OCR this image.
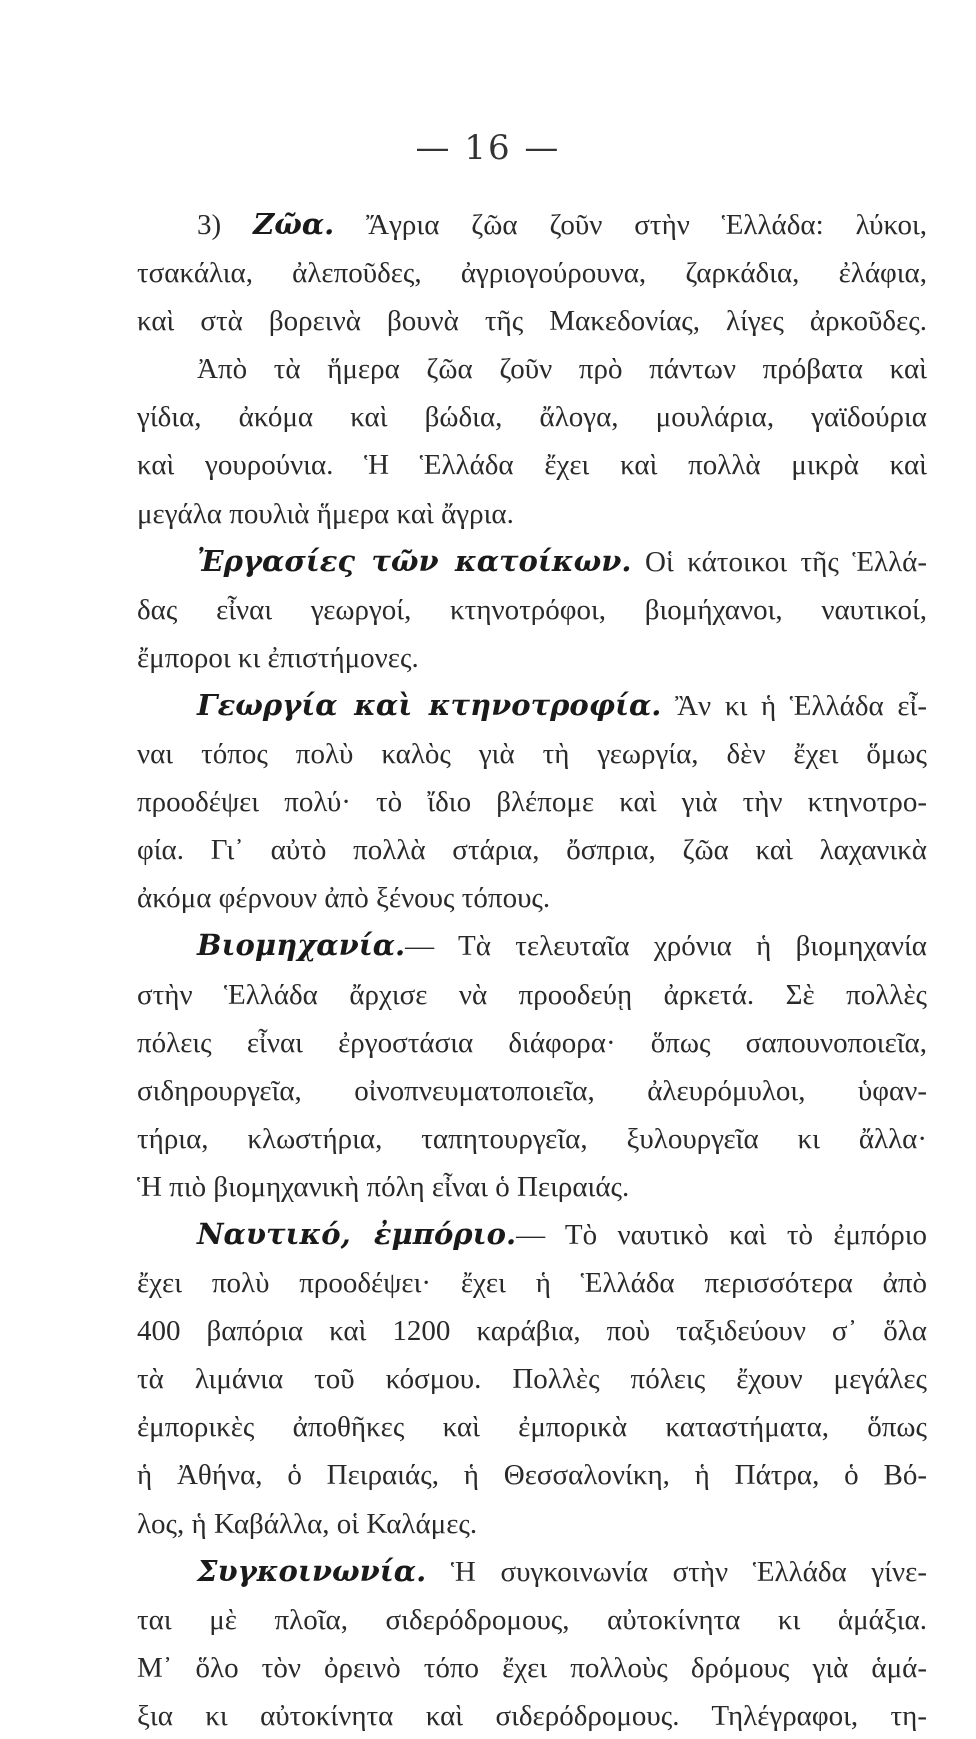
— 16 —
3) Ζῶα. Ἄγρια ζῶα ζοῦν στὴν Ἑλλάδα: λύκοι,
τσακάλια, ἀλεποῦδες, ἀγριογούρουνα, ζαρκάδια, ἐλάφια,
καὶ στὰ βορεινὰ βουνὰ τῆς Μακεδονίας, λίγες ἀρκοῦδες.
Ἀπὸ τὰ ἥμερα ζῶα ζοῦν πρὸ πάντων πρόβατα καὶ
γίδια, ἀκόμα καὶ βώδια, ἄλογα, μουλάρια, γαϊδούρια
καὶ γουρούνια. Ἡ Ἑλλάδα ἔχει καὶ πολλὰ μικρὰ καὶ
μεγάλα πουλιὰ ἥμερα καὶ ἄγρια.
Ἐργασίες τῶν κατοίκων. Οἱ κάτοικοι τῆς Ἑλλά-
δας εἶναι γεωργοί, κτηνοτρόφοι, βιομήχανοι, ναυτικοί,
ἔμποροι κι ἐπιστήμονες.
Γεωργία καὶ κτηνοτροφία. Ἂν κι ἡ Ἑλλάδα εἶ-
ναι τόπος πολὺ καλὸς γιὰ τὴ γεωργία, δὲν ἔχει ὅμως
προοδέψει πολύ· τὸ ἴδιο βλέπομε καὶ γιὰ τὴν κτηνοτρο-
φία. Γι᾿ αὐτὸ πολλὰ στάρια, ὄσπρια, ζῶα καὶ λαχανικὰ
ἀκόμα φέρνουν ἀπὸ ξένους τόπους.
Βιομηχανία.— Τὰ τελευταῖα χρόνια ἡ βιομηχανία
στὴν Ἑλλάδα ἄρχισε νὰ προοδεύῃ ἀρκετά. Σὲ πολλὲς
πόλεις εἶναι ἐργοστάσια διάφορα· ὅπως σαπουνοποιεῖα,
σιδηρουργεῖα, οἰνοπνευματοποιεῖα, ἀλευρόμυλοι, ὑφαν-
τήρια, κλωστήρια, ταπητουργεῖα, ξυλουργεῖα κι ἄλλα·
Ἡ πιὸ βιομηχανικὴ πόλη εἶναι ὁ Πειραιάς.
Ναυτικό, ἐμπόριο.— Τὸ ναυτικὸ καὶ τὸ ἐμπόριο
ἔχει πολὺ προοδέψει· ἔχει ἡ Ἑλλάδα περισσότερα ἀπὸ
400 βαπόρια καὶ 1200 καράβια, ποὺ ταξιδεύουν σ᾿ ὅλα
τὰ λιμάνια τοῦ κόσμου. Πολλὲς πόλεις ἔχουν μεγάλες
ἐμπορικὲς ἀποθῆκες καὶ ἐμπορικὰ καταστήματα, ὅπως
ἡ Ἀθήνα, ὁ Πειραιάς, ἡ Θεσσαλονίκη, ἡ Πάτρα, ὁ Βό-
λος, ἡ Καβάλλα, οἱ Καλάμες.
Συγκοινωνία. Ἡ συγκοινωνία στὴν Ἑλλάδα γίνε-
ται μὲ πλοῖα, σιδερόδρομους, αὐτοκίνητα κι ἁμάξια.
Μ᾿ ὅλο τὸν ὀρεινὸ τόπο ἔχει πολλοὺς δρόμους γιὰ ἁμά-
ξια κι αὐτοκίνητα καὶ σιδερόδρομους. Τηλέγραφοι, τη-
